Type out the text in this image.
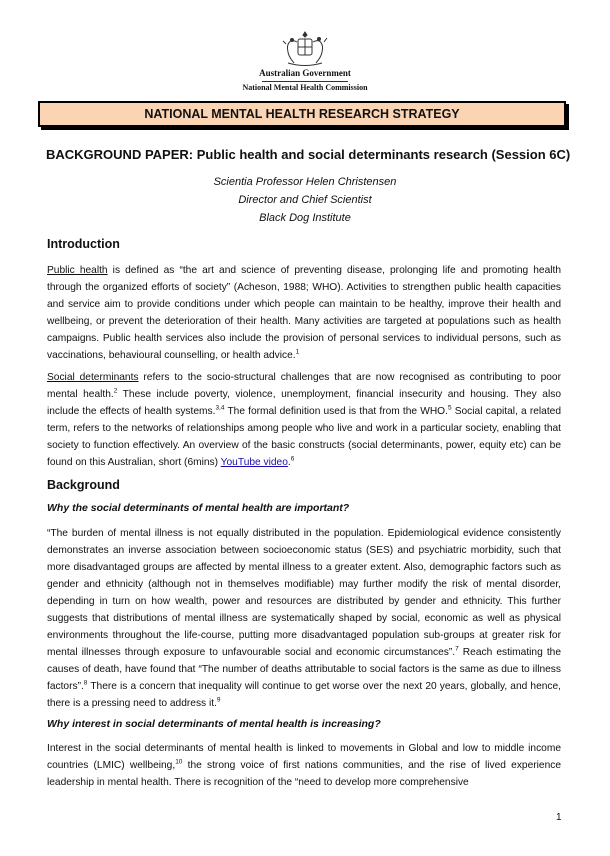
Australian Government
National Mental Health Commission
NATIONAL MENTAL HEALTH RESEARCH STRATEGY
BACKGROUND PAPER: Public health and social determinants research (Session 6C)
Scientia Professor Helen Christensen
Director and Chief Scientist
Black Dog Institute
Introduction

Public health is defined as “the art and science of preventing disease, prolonging life and promoting health through the organized efforts of society” (Acheson, 1988; WHO). Activities to strengthen public health capacities and service aim to provide conditions under which people can maintain to be healthy, improve their health and wellbeing, or prevent the deterioration of their health. Many activities are targeted at populations such as health campaigns. Public health services also include the provision of personal services to individual persons, such as vaccinations, behavioural counselling, or health advice.$^1$

Social determinants refers to the socio-structural challenges that are now recognised as contributing to poor mental health.$^2$ These include poverty, violence, unemployment, financial insecurity and housing. They also include the effects of health systems.$^{3,4}$ The formal definition used is that from the WHO.$^5$ Social capital, a related term, refers to the networks of relationships among people who live and work in a particular society, enabling that society to function effectively. An overview of the basic constructs (social determinants, power, equity etc) can be found on this Australian, short (6mins) YouTube video.$^6$

Background
Why the social determinants of mental health are important?

“The burden of mental illness is not equally distributed in the population. Epidemiological evidence consistently demonstrates an inverse association between socioeconomic status (SES) and psychiatric morbidity, such that more disadvantaged groups are affected by mental illness to a greater extent. Also, demographic factors such as gender and ethnicity (although not in themselves modifiable) may further modify the risk of mental disorder, depending in turn on how wealth, power and resources are distributed by gender and ethnicity. This further suggests that distributions of mental illness are systematically shaped by social, economic as well as physical environments throughout the life-course, putting more disadvantaged population sub-groups at greater risk for mental illnesses through exposure to unfavourable social and economic circumstances”.$^7$ Reach estimating the causes of death, have found that “The number of deaths attributable to social factors is the same as due to illness factors”.$^8$ There is a concern that inequality will continue to get worse over the next 20 years, globally, and hence, there is a pressing need to address it.$^9$

Why interest in social determinants of mental health is increasing?

Interest in the social determinants of mental health is linked to movements in Global and low to middle income countries (LMIC) wellbeing,$^{10}$ the strong voice of first nations communities, and the rise of lived experience leadership in mental health. There is recognition of the “need to develop more comprehensive

1
